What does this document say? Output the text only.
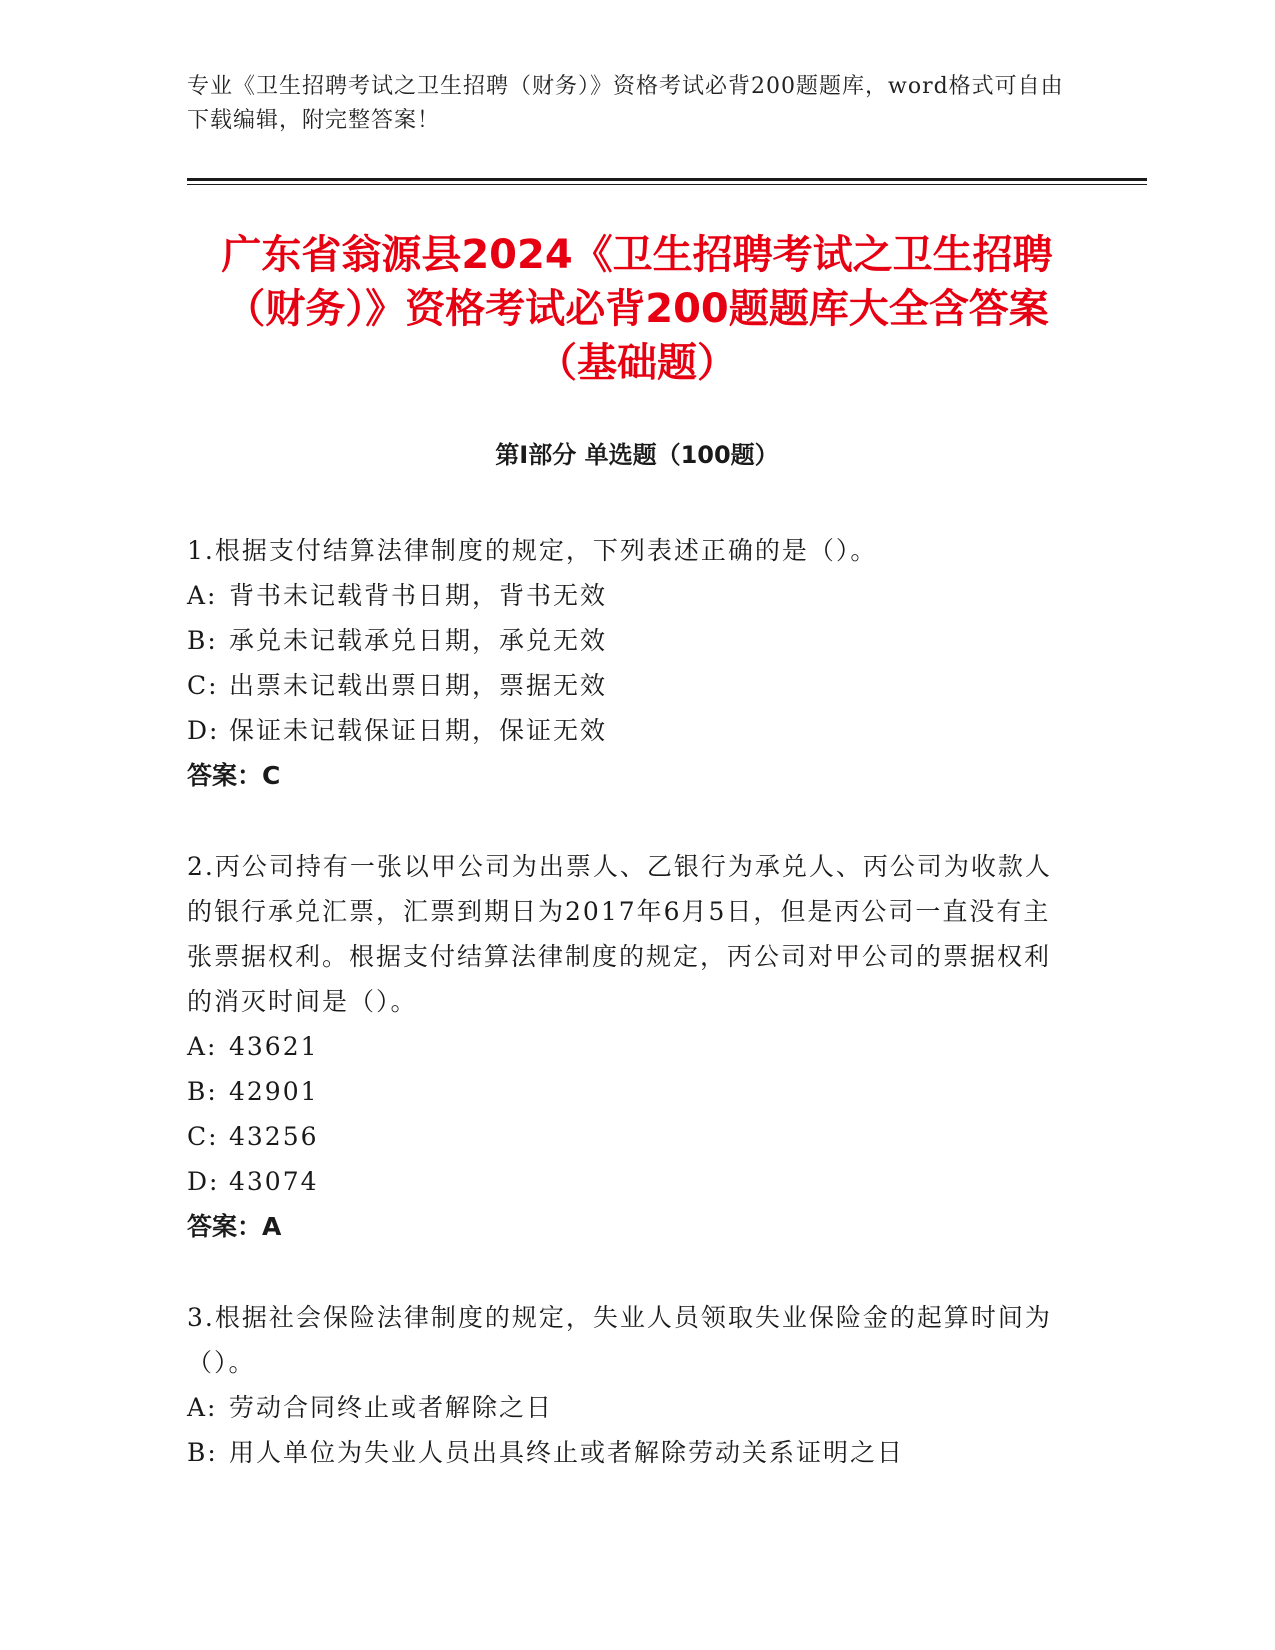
专业《卫生招聘考试之卫生招聘（财务）》资格考试必背200题题库，word格式可自由下载编辑，附完整答案！
广东省翁源县2024《卫生招聘考试之卫生招聘（财务）》资格考试必背200题题库大全含答案（基础题）
第Ⅰ部分 单选题（100题）

1.根据支付结算法律制度的规定，下列表述正确的是（）。

A: 背书未记载背书日期，背书无效

B: 承兑未记载承兑日期，承兑无效

C: 出票未记载出票日期，票据无效

D: 保证未记载保证日期，保证无效

答案：C

2.丙公司持有一张以甲公司为出票人、乙银行为承兑人、丙公司为收款人的银行承兑汇票，汇票到期日为2017年6月5日，但是丙公司一直没有主张票据权利。根据支付结算法律制度的规定，丙公司对甲公司的票据权利的消灭时间是（）。

A: 43621

B: 42901

C: 43256

D: 43074

答案：A

3.根据社会保险法律制度的规定，失业人员领取失业保险金的起算时间为（）。

A: 劳动合同终止或者解除之日

B: 用人单位为失业人员出具终止或者解除劳动关系证明之日
